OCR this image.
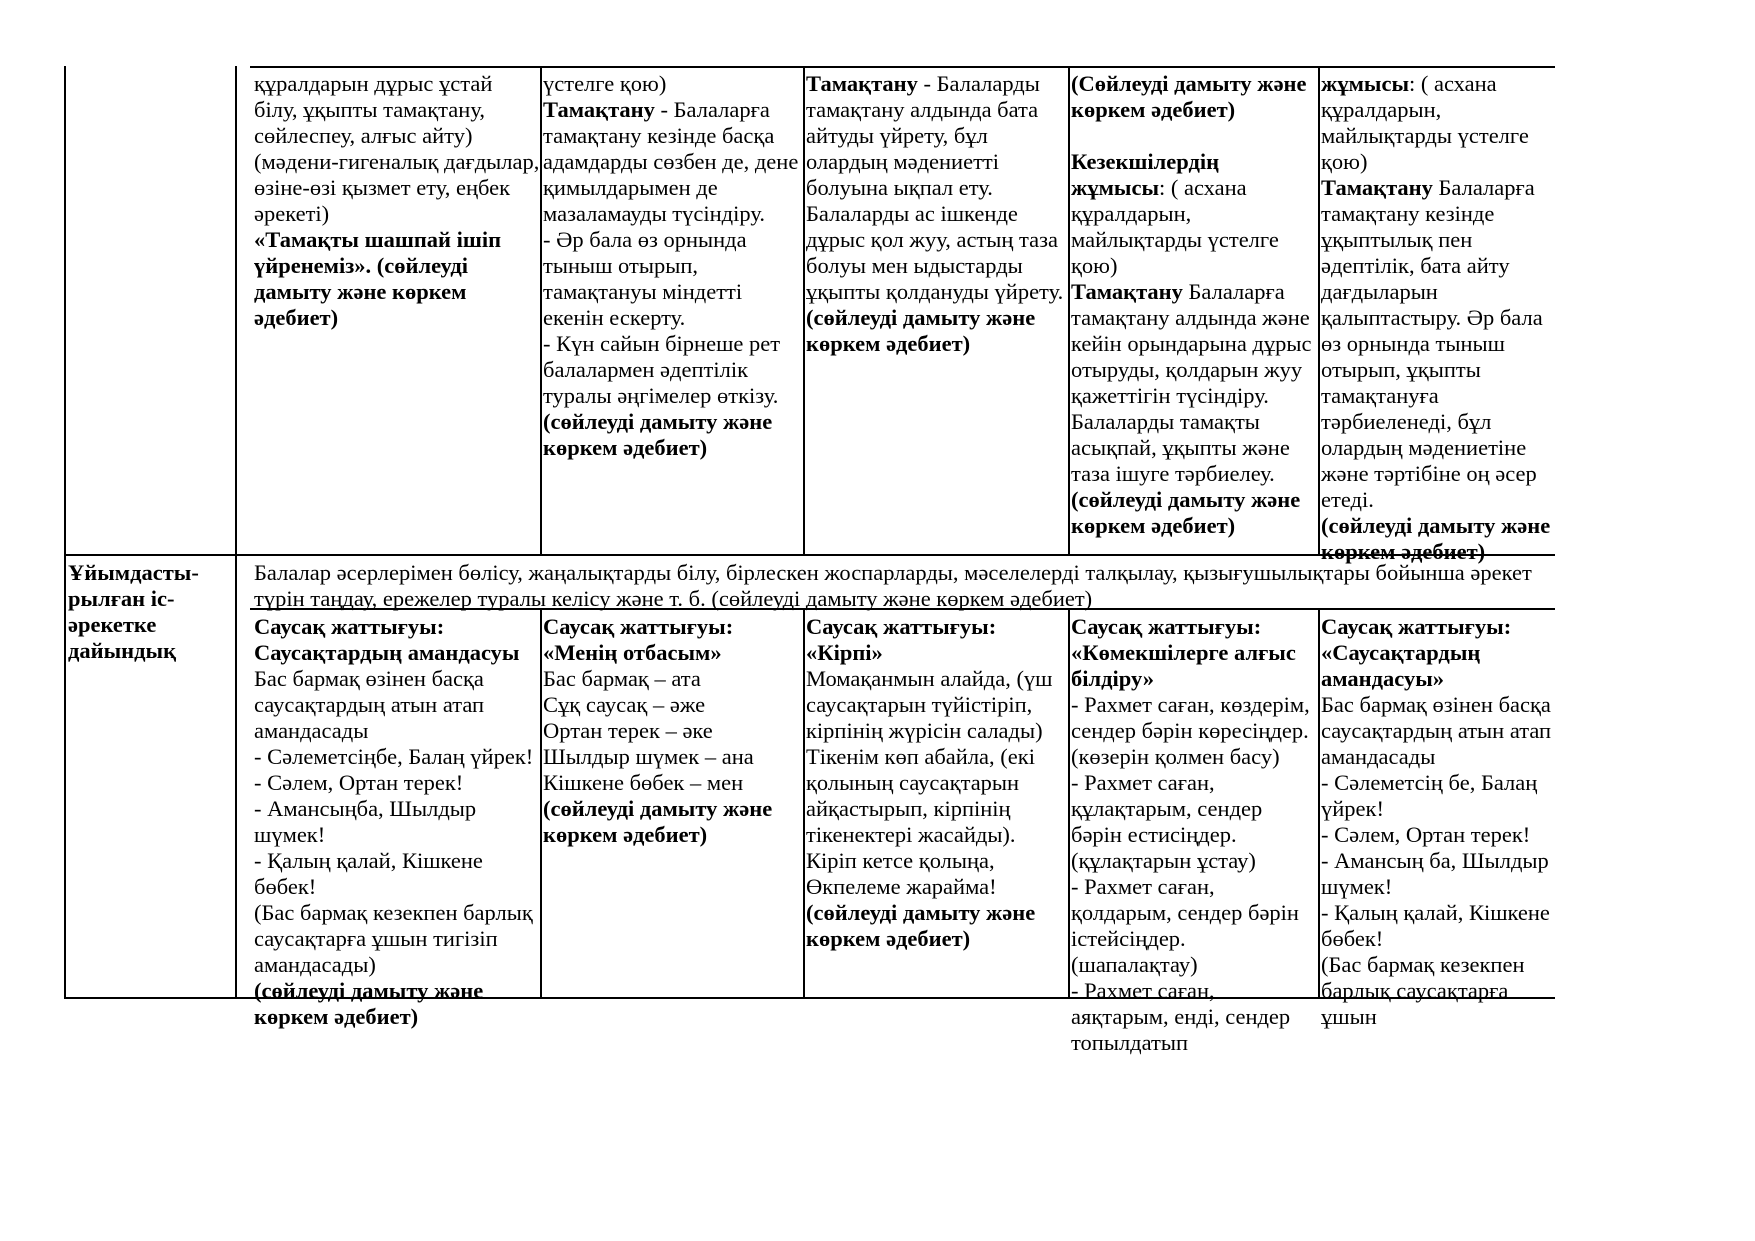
құралдарын дұрыс ұстай білу, ұқыпты тамақтану, сөйлеспеу, алғыс айту) (мәдени-гигеналық дағдылар, өзіне-өзі қызмет ету, еңбек әрекеті)
«Тамақты шашпай ішіп үйренеміз». (сөйлеуді дамыту және көркем әдебиет)
үстелге қою)
Тамақтану - Балаларға тамақтану кезінде басқа адамдарды сөзбен де, дене қимылдарымен де мазаламауды түсіндіру.
- Әр бала өз орнында тыныш отырып, тамақтануы міндетті екенін ескерту.
- Күн сайын бірнеше рет балалармен әдептілік туралы әңгімелер өткізу. (сөйлеуді дамыту және көркем әдебиет)
Тамақтану - Балаларды тамақтану алдында бата айтуды үйрету, бұл олардың мәдениетті болуына ықпал ету. Балаларды ас ішкенде дұрыс қол жуу, астың таза болуы мен ыдыстарды ұқыпты қолдануды үйрету.
(сөйлеуді дамыту және көркем әдебиет)
(Сөйлеуді дамыту және көркем әдебиет)
Кезекшілердің жұмысы: ( асхана құралдарын, майлықтарды үстелге қою)
Тамақтану Балаларға тамақтану алдында және кейін орындарына дұрыс отыруды, қолдарын жуу қажеттігін түсіндіру. Балаларды тамақты асықпай, ұқыпты және таза ішуге тәрбиелеу. (сөйлеуді дамыту және көркем әдебиет)
жұмысы: ( асхана құралдарын, майлықтарды үстелге қою)
Тамақтану Балаларға тамақтану кезінде ұқыптылық пен әдептілік, бата айту дағдыларын қалыптастыру. Әр бала өз орнында тыныш отырып, ұқыпты тамақтануға тәрбиеленеді, бұл олардың мәдениетіне және тәртібіне оң әсер етеді.
(сөйлеуді дамыту және көркем әдебиет)
Ұйымдасты-рылған іс-әрекетке дайындық
Балалар әсерлерімен бөлісу, жаңалықтарды білу, бірлескен жоспарларды, мәселелерді талқылау, қызығушылықтары бойынша әрекет түрін таңдау, ережелер туралы келісу және т. б. (сөйлеуді дамыту және көркем әдебиет)
Саусақ жаттығуы:
Саусақтардың амандасуы
Бас бармақ өзінен басқа саусақтардың атын атап амандасады
- Сәлеметсіңбе, Балаң үйрек!
- Сәлем, Ортан терек!
- Амансыңба, Шылдыр шүмек!
- Қалың қалай, Кішкене бөбек!
(Бас бармақ кезекпен барлық саусақтарға ұшын тигізіп амандасады)
(сөйлеуді дамыту және көркем әдебиет)
Саусақ жаттығуы:
«Менің отбасым»
Бас бармақ – ата
Сұқ саусақ – әже
Ортан терек – әке
Шылдыр шүмек – ана
Кішкене бөбек – мен
(сөйлеуді дамыту және көркем әдебиет)
Саусақ жаттығуы:
«Кірпі»
Момақанмын алайда, (үш саусақтарын түйістіріп, кірпінің жүрісін салады)
Тікенім көп абайла, (екі қолының саусақтарын айқастырып, кірпінің тікенектері жасайды).
Кіріп кетсе қолыңа,
Өкпелеме жарайма!
(сөйлеуді дамыту және көркем әдебиет)
Саусақ жаттығуы:
«Көмекшілерге алғыс білдіру»
- Рахмет саған, көздерім, сендер бәрін көресіңдер. (көзерін қолмен басу)
- Рахмет саған, құлақтарым, сендер бәрін естисіңдер. (құлақтарын ұстау)
- Рахмет саған, қолдарым, сендер бәрін істейсіңдер. (шапалақтау)
- Рахмет саған, аяқтарым, енді, сендер топылдатып
Саусақ жаттығуы:
«Саусақтардың амандасуы»
Бас бармақ өзінен басқа саусақтардың атын атап амандасады
- Сәлеметсің бе, Балаң үйрек!
- Сәлем, Ортан терек!
- Амансың ба, Шылдыр шүмек!
- Қалың қалай, Кішкене бөбек!
(Бас бармақ кезекпен барлық саусақтарға ұшын
